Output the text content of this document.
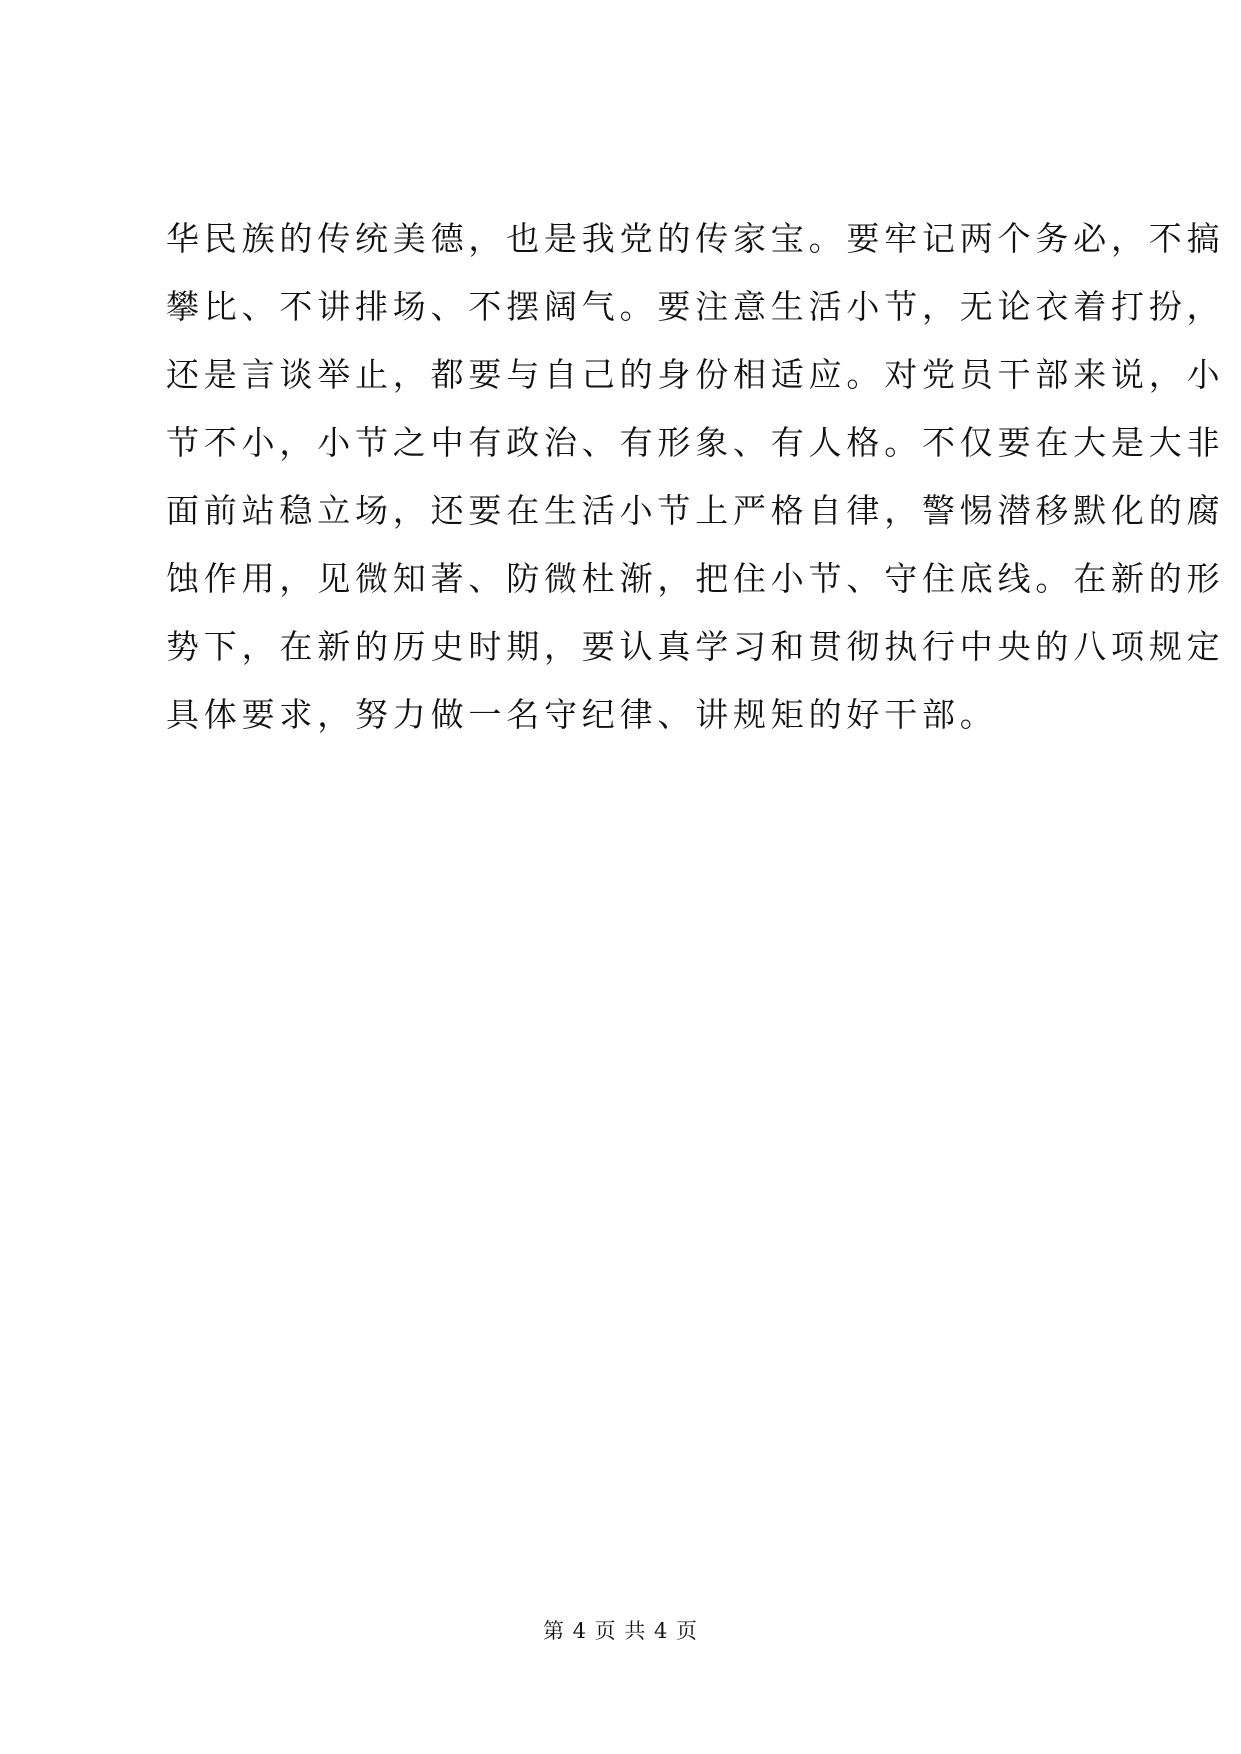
华民族的传统美德，也是我党的传家宝。要牢记两个务必，不搞
攀比、不讲排场、不摆阔气。要注意生活小节，无论衣着打扮，
还是言谈举止，都要与自己的身份相适应。对党员干部来说，小
节不小，小节之中有政治、有形象、有人格。不仅要在大是大非
面前站稳立场，还要在生活小节上严格自律，警惕潜移默化的腐
蚀作用，见微知著、防微杜渐，把住小节、守住底线。在新的形
势下，在新的历史时期，要认真学习和贯彻执行中央的八项规定
具体要求，努力做一名守纪律、讲规矩的好干部。
第 4 页 共 4 页
